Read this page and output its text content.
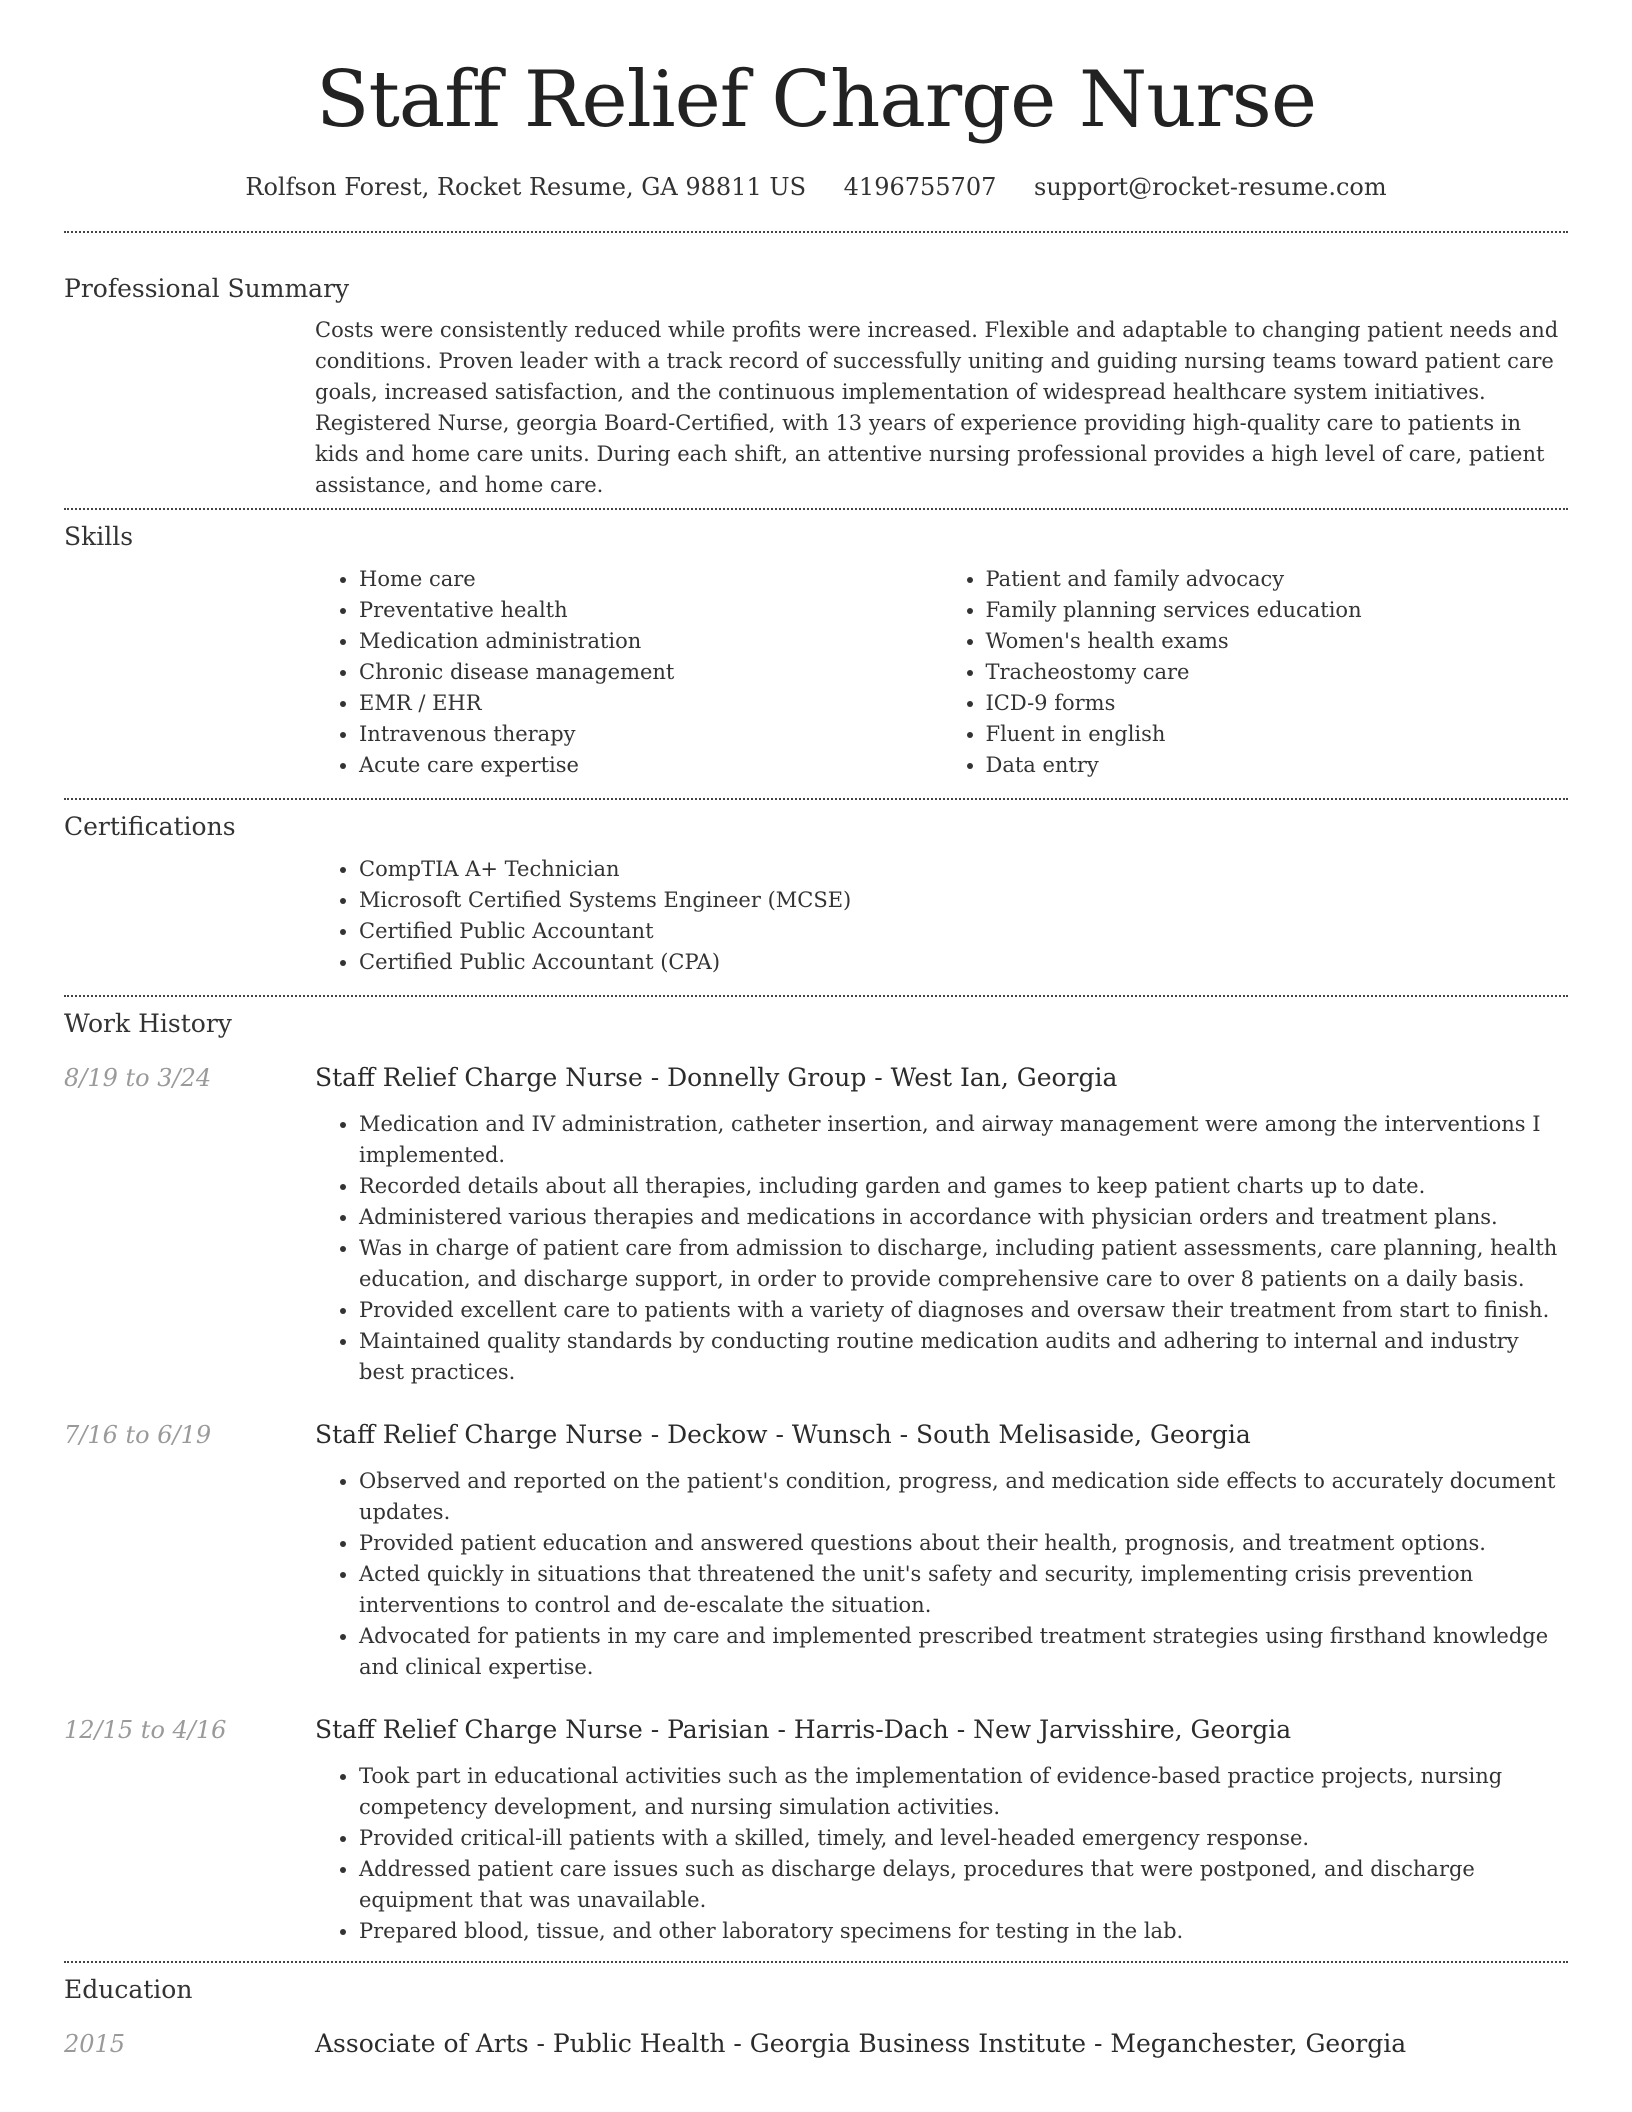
Staff Relief Charge Nurse
Rolfson Forest, Rocket Resume, GA 98811 US 4196755707 support@rocket-resume.com
Professional Summary

Costs were consistently reduced while profits were increased. Flexible and adaptable to changing patient needs and conditions. Proven leader with a track record of successfully uniting and guiding nursing teams toward patient care goals, increased satisfaction, and the continuous implementation of widespread healthcare system initiatives. Registered Nurse, georgia Board-Certified, with 13 years of experience providing high-quality care to patients in kids and home care units. During each shift, an attentive nursing professional provides a high level of care, patient assistance, and home care.

Skills
• Home care
• Preventative health
• Medication administration
• Chronic disease management
• EMR / EHR
• Intravenous therapy
• Acute care expertise
• Patient and family advocacy
• Family planning services education
• Women's health exams
• Tracheostomy care
• ICD-9 forms
• Fluent in english
• Data entry
Certifications
• CompTIA A+ Technician
• Microsoft Certified Systems Engineer (MCSE)
• Certified Public Accountant
• Certified Public Accountant (CPA)
Work History
8/19 to 3/24	Staff Relief Charge Nurse - Donnelly Group - West Ian, Georgia
• Medication and IV administration, catheter insertion, and airway management were among the interventions I implemented.
• Recorded details about all therapies, including garden and games to keep patient charts up to date.
• Administered various therapies and medications in accordance with physician orders and treatment plans.
• Was in charge of patient care from admission to discharge, including patient assessments, care planning, health education, and discharge support, in order to provide comprehensive care to over 8 patients on a daily basis.
• Provided excellent care to patients with a variety of diagnoses and oversaw their treatment from start to finish.
• Maintained quality standards by conducting routine medication audits and adhering to internal and industry best practices.
7/16 to 6/19	Staff Relief Charge Nurse - Deckow - Wunsch - South Melisaside, Georgia
• Observed and reported on the patient's condition, progress, and medication side effects to accurately document updates.
• Provided patient education and answered questions about their health, prognosis, and treatment options.
• Acted quickly in situations that threatened the unit's safety and security, implementing crisis prevention interventions to control and de-escalate the situation.
• Advocated for patients in my care and implemented prescribed treatment strategies using firsthand knowledge and clinical expertise.
12/15 to 4/16	Staff Relief Charge Nurse - Parisian - Harris-Dach - New Jarvisshire, Georgia
• Took part in educational activities such as the implementation of evidence-based practice projects, nursing competency development, and nursing simulation activities.
• Provided critical-ill patients with a skilled, timely, and level-headed emergency response.
• Addressed patient care issues such as discharge delays, procedures that were postponed, and discharge equipment that was unavailable.
• Prepared blood, tissue, and other laboratory specimens for testing in the lab.
Education
2015	Associate of Arts - Public Health - Georgia Business Institute - Meganchester, Georgia
